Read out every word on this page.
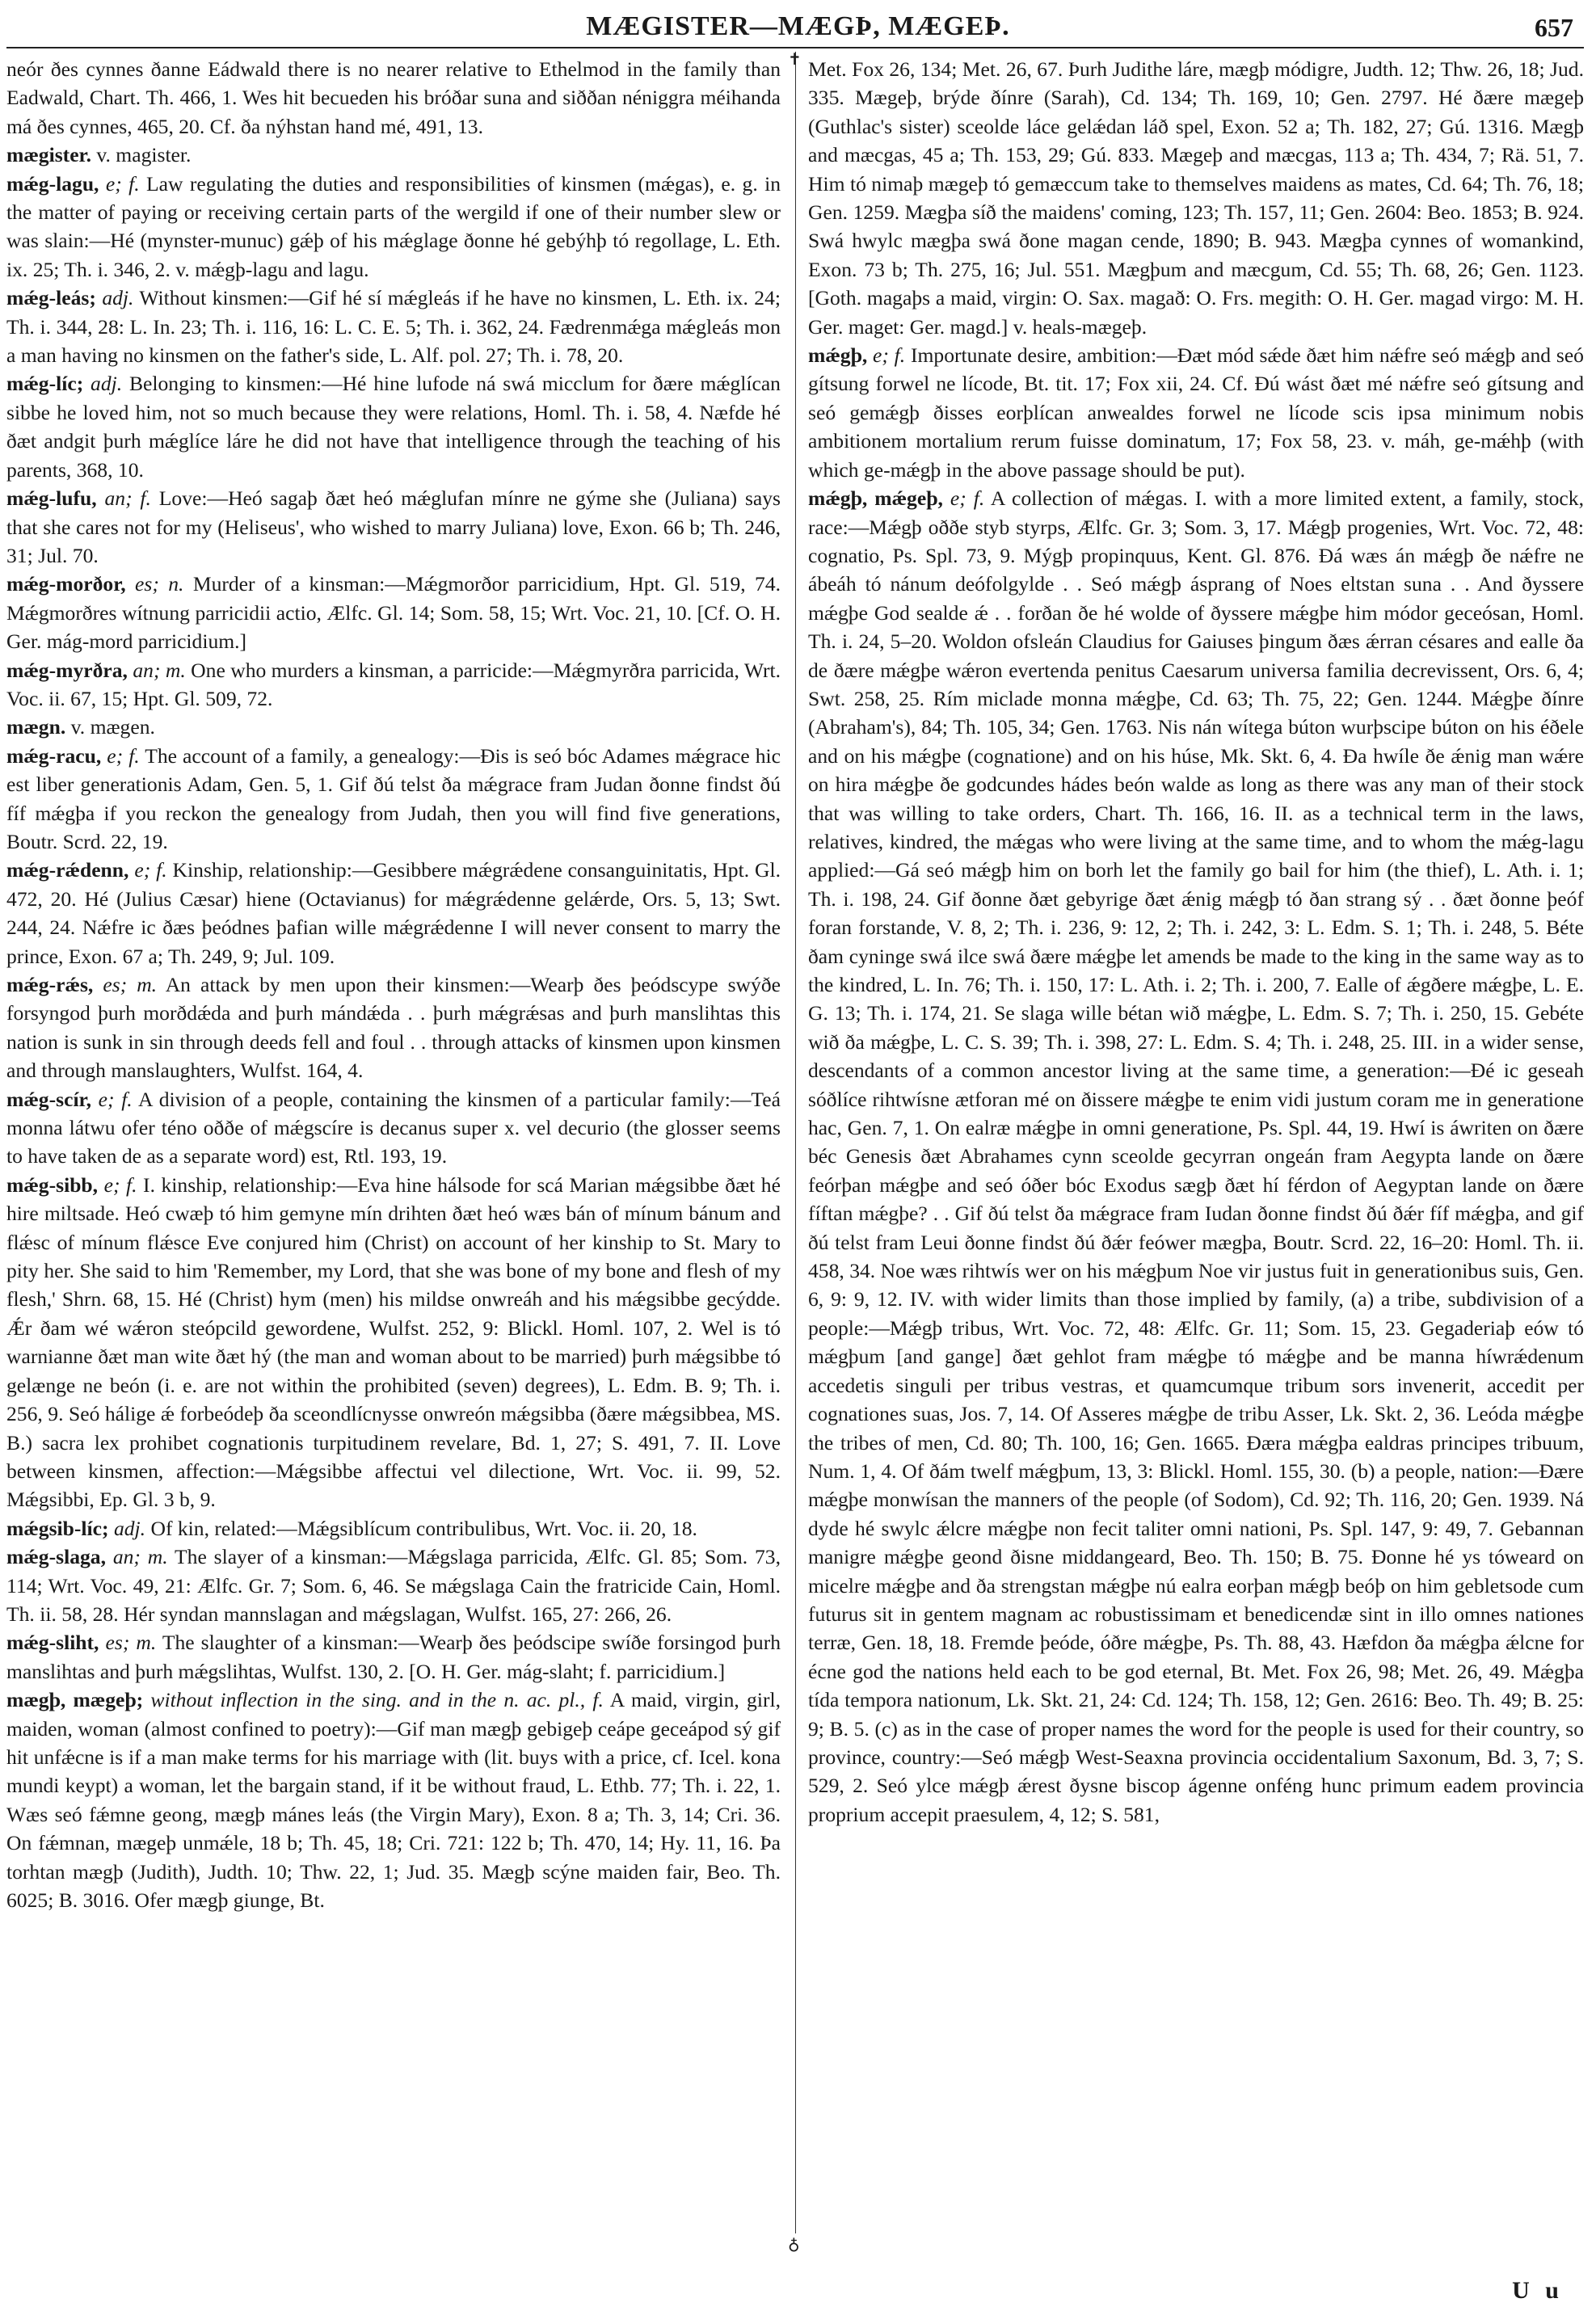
MÆGISTER—MÆGÞ, MÆGEÞ.	657

neór ðes cynnes ðanne Eádwald there is no nearer relative to Ethelmod in the family than Eadwald, Chart. Th. 466, 1. Wes hit becueden his bróðar suna and siððan néniggra méihanda má ðes cynnes, 465, 20. Cf. ða nýhstan hand mé, 491, 13.

mægister. v. magister.

mǽg-lagu, e; f. Law regulating the duties and responsibilities of kinsmen (mǽgas), e. g. in the matter of paying or receiving certain parts of the wergild if one of their number slew or was slain:—Hé (mynster-munuc) gǽþ of his mǽglage ðonne hé gebýhþ tó regollage, L. Eth. ix. 25; Th. i. 346, 2. v. mǽgþ-lagu and lagu.

mǽg-leás; adj. Without kinsmen:—Gif hé sí mǽgleás if he have no kinsmen, L. Eth. ix. 24; Th. i. 344, 28: L. In. 23; Th. i. 116, 16: L. C. E. 5; Th. i. 362, 24. Fædrenmǽga mǽgleás mon a man having no kinsmen on the father's side, L. Alf. pol. 27; Th. i. 78, 20.

mǽg-líc; adj. Belonging to kinsmen:—Hé hine lufode ná swá micclum for ðære mǽglícan sibbe he loved him, not so much because they were relations, Homl. Th. i. 58, 4. Næfde hé ðæt andgit þurh mǽglíce láre he did not have that intelligence through the teaching of his parents, 368, 10.

mǽg-lufu, an; f. Love:—Heó sagaþ ðæt heó mǽglufan mínre ne gýme she (Juliana) says that she cares not for my (Heliseus', who wished to marry Juliana) love, Exon. 66 b; Th. 246, 31; Jul. 70.

mǽg-morðor, es; n. Murder of a kinsman:—Mǽgmorðor parricidium, Hpt. Gl. 519, 74. Mǽgmorðres wítnung parricidii actio, Ælfc. Gl. 14; Som. 58, 15; Wrt. Voc. 21, 10. [Cf. O. H. Ger. mág-mord parricidium.]

mǽg-myrðra, an; m. One who murders a kinsman, a parricide:—Mǽgmyrðra parricida, Wrt. Voc. ii. 67, 15; Hpt. Gl. 509, 72.

mægn. v. mægen.

mǽg-racu, e; f. The account of a family, a genealogy:—Ðis is seó bóc Adames mǽgrace hic est liber generationis Adam, Gen. 5, 1. Gif ðú telst ða mǽgrace fram Judan ðonne findst ðú fíf mǽgþa if you reckon the genealogy from Judah, then you will find five generations, Boutr. Scrd. 22, 19.

mǽg-rǽdenn, e; f. Kinship, relationship:—Gesibbere mǽgrǽdene consanguinitatis, Hpt. Gl. 472, 20. Hé (Julius Cæsar) hiene (Octavianus) for mǽgrǽdenne gelǽrde, Ors. 5, 13; Swt. 244, 24. Nǽfre ic ðæs þeódnes þafian wille mǽgrǽdenne I will never consent to marry the prince, Exon. 67 a; Th. 249, 9; Jul. 109.

mǽg-rǽs, es; m. An attack by men upon their kinsmen:—Wearþ ðes þeódscype swýðe forsyngod þurh morðdǽda and þurh mándǽda . . þurh mǽgrǽsas and þurh manslihtas this nation is sunk in sin through deeds fell and foul . . through attacks of kinsmen upon kinsmen and through manslaughters, Wulfst. 164, 4.

mǽg-scír, e; f. A division of a people, containing the kinsmen of a particular family:—Teá monna látwu ofer téno oððe of mǽgscíre is decanus super x. vel decurio (the glosser seems to have taken de as a separate word) est, Rtl. 193, 19.

mǽg-sibb, e; f. I. kinship, relationship:—Eva hine hálsode for scá Marian mǽgsibbe ðæt hé hire miltsade. Heó cwæþ tó him gemyne mín drihten ðæt heó wæs bán of mínum bánum and flǽsc of mínum flǽsce Eve conjured him (Christ) on account of her kinship to St. Mary to pity her. She said to him 'Remember, my Lord, that she was bone of my bone and flesh of my flesh,' Shrn. 68, 15. Hé (Christ) hym (men) his mildse onwreáh and his mǽgsibbe gecýdde. Ǽr ðam wé wǽron steópcild gewordene, Wulfst. 252, 9: Blickl. Homl. 107, 2. Wel is tó warnianne ðæt man wite ðæt hý (the man and woman about to be married) þurh mǽgsibbe tó gelænge ne beón (i. e. are not within the prohibited (seven) degrees), L. Edm. B. 9; Th. i. 256, 9. Seó hálige ǽ forbeódeþ ða sceondlícnysse onwreón mǽgsibba (ðære mǽgsibbea, MS. B.) sacra lex prohibet cognationis turpitudinem revelare, Bd. 1, 27; S. 491, 7. II. Love between kinsmen, affection:—Mǽgsibbe affectui vel dilectione, Wrt. Voc. ii. 99, 52. Mǽgsibbi, Ep. Gl. 3 b, 9.

mǽgsib-líc; adj. Of kin, related:—Mǽgsiblícum contribulibus, Wrt. Voc. ii. 20, 18.

mǽg-slaga, an; m. The slayer of a kinsman:—Mǽgslaga parricida, Ælfc. Gl. 85; Som. 73, 114; Wrt. Voc. 49, 21: Ælfc. Gr. 7; Som. 6, 46. Se mǽgslaga Cain the fratricide Cain, Homl. Th. ii. 58, 28. Hér syndan mannslagan and mǽgslagan, Wulfst. 165, 27: 266, 26.

mǽg-sliht, es; m. The slaughter of a kinsman:—Wearþ ðes þeódscipe swíðe forsingod þurh manslihtas and þurh mǽgslihtas, Wulfst. 130, 2. [O. H. Ger. mág-slaht; f. parricidium.]

mægþ, mægeþ; without inflection in the sing. and in the n. ac. pl., f. A maid, virgin, girl, maiden, woman (almost confined to poetry):—Gif man mægþ gebigeþ ceápe geceápod sý gif hit unfǽcne is if a man make terms for his marriage with (lit. buys with a price, cf. Icel. kona mundi keypt) a woman, let the bargain stand, if it be without fraud, L. Ethb. 77; Th. i. 22, 1. Wæs seó fǽmne geong, mægþ mánes leás (the Virgin Mary), Exon. 8 a; Th. 3, 14; Cri. 36. On fǽmnan, mægeþ unmǽle, 18 b; Th. 45, 18; Cri. 721: 122 b; Th. 470, 14; Hy. 11, 16. Þa torhtan mægþ (Judith), Judth. 10; Thw. 22, 1; Jud. 35. Mægþ scýne maiden fair, Beo. Th. 6025; B. 3016. Ofer mægþ giunge, Bt.

✝
♁

Met. Fox 26, 134; Met. 26, 67. Þurh Judithe láre, mægþ módigre, Judth. 12; Thw. 26, 18; Jud. 335. Mægeþ, brýde ðínre (Sarah), Cd. 134; Th. 169, 10; Gen. 2797. Hé ðære mægeþ (Guthlac's sister) sceolde láce gelǽdan láð spel, Exon. 52 a; Th. 182, 27; Gú. 1316. Mægþ and mæcgas, 45 a; Th. 153, 29; Gú. 833. Mægeþ and mæcgas, 113 a; Th. 434, 7; Rä. 51, 7. Him tó nimaþ mægeþ tó gemæccum take to themselves maidens as mates, Cd. 64; Th. 76, 18; Gen. 1259. Mægþa síð the maidens' coming, 123; Th. 157, 11; Gen. 2604: Beo. 1853; B. 924. Swá hwylc mægþa swá ðone magan cende, 1890; B. 943. Mægþa cynnes of womankind, Exon. 73 b; Th. 275, 16; Jul. 551. Mægþum and mæcgum, Cd. 55; Th. 68, 26; Gen. 1123. [Goth. magaþs a maid, virgin: O. Sax. magað: O. Frs. megith: O. H. Ger. magad virgo: M. H. Ger. maget: Ger. magd.] v. heals-mægeþ.

mǽgþ, e; f. Importunate desire, ambition:—Ðæt mód sǽde ðæt him nǽfre seó mǽgþ and seó gítsung forwel ne lícode, Bt. tit. 17; Fox xii, 24. Cf. Ðú wást ðæt mé nǽfre seó gítsung and seó gemǽgþ ðisses eorþlícan anwealdes forwel ne lícode scis ipsa minimum nobis ambitionem mortalium rerum fuisse dominatum, 17; Fox 58, 23. v. máh, ge-mǽhþ (with which ge-mǽgþ in the above passage should be put).

mǽgþ, mǽgeþ, e; f. A collection of mǽgas. I. with a more limited extent, a family, stock, race:—Mǽgþ oððe styb styrps, Ælfc. Gr. 3; Som. 3, 17. Mǽgþ progenies, Wrt. Voc. 72, 48: cognatio, Ps. Spl. 73, 9. Mýgþ propinquus, Kent. Gl. 876. Ðá wæs án mǽgþ ðe nǽfre ne ábeáh tó nánum deófolgylde . . Seó mǽgþ ásprang of Noes eltstan suna . . And ðyssere mǽgþe God sealde ǽ . . forðan ðe hé wolde of ðyssere mǽgþe him módor geceósan, Homl. Th. i. 24, 5–20. Woldon ofsleán Claudius for Gaiuses þingum ðæs ǽrran césares and ealle ða de ðære mǽgþe wǽron evertenda penitus Caesarum universa familia decrevissent, Ors. 6, 4; Swt. 258, 25. Rím miclade monna mǽgþe, Cd. 63; Th. 75, 22; Gen. 1244. Mǽgþe ðínre (Abraham's), 84; Th. 105, 34; Gen. 1763. Nis nán wítega búton wurþscipe búton on his éðele and on his mǽgþe (cognatione) and on his húse, Mk. Skt. 6, 4. Ða hwíle ðe ǽnig man wǽre on hira mǽgþe ðe godcundes hádes beón walde as long as there was any man of their stock that was willing to take orders, Chart. Th. 166, 16. II. as a technical term in the laws, relatives, kindred, the mǽgas who were living at the same time, and to whom the mǽg-lagu applied:—Gá seó mǽgþ him on borh let the family go bail for him (the thief), L. Ath. i. 1; Th. i. 198, 24. Gif ðonne ðæt gebyrige ðæt ǽnig mǽgþ tó ðan strang sý . . ðæt ðonne þeóf foran forstande, V. 8, 2; Th. i. 236, 9: 12, 2; Th. i. 242, 3: L. Edm. S. 1; Th. i. 248, 5. Béte ðam cyninge swá ilce swá ðære mǽgþe let amends be made to the king in the same way as to the kindred, L. In. 76; Th. i. 150, 17: L. Ath. i. 2; Th. i. 200, 7. Ealle of ǽgðere mǽgþe, L. E. G. 13; Th. i. 174, 21. Se slaga wille bétan wið mǽgþe, L. Edm. S. 7; Th. i. 250, 15. Gebéte wið ða mǽgþe, L. C. S. 39; Th. i. 398, 27: L. Edm. S. 4; Th. i. 248, 25. III. in a wider sense, descendants of a common ancestor living at the same time, a generation:—Ðé ic geseah sóðlíce rihtwísne ætforan mé on ðissere mǽgþe te enim vidi justum coram me in generatione hac, Gen. 7, 1. On ealræ mǽgþe in omni generatione, Ps. Spl. 44, 19. Hwí is áwriten on ðære béc Genesis ðæt Abrahames cynn sceolde gecyrran ongeán fram Aegypta lande on ðære feórþan mǽgþe and seó óðer bóc Exodus sægþ ðæt hí férdon of Aegyptan lande on ðære fíftan mǽgþe? . . Gif ðú telst ða mǽgrace fram Iudan ðonne findst ðú ðǽr fíf mǽgþa, and gif ðú telst fram Leui ðonne findst ðú ðǽr feówer mægþa, Boutr. Scrd. 22, 16–20: Homl. Th. ii. 458, 34. Noe wæs rihtwís wer on his mǽgþum Noe vir justus fuit in generationibus suis, Gen. 6, 9: 9, 12. IV. with wider limits than those implied by family, (a) a tribe, subdivision of a people:—Mǽgþ tribus, Wrt. Voc. 72, 48: Ælfc. Gr. 11; Som. 15, 23. Gegaderiaþ eów tó mǽgþum [and gange] ðæt gehlot fram mǽgþe tó mǽgþe and be manna híwrǽdenum accedetis singuli per tribus vestras, et quamcumque tribum sors invenerit, accedit per cognationes suas, Jos. 7, 14. Of Asseres mǽgþe de tribu Asser, Lk. Skt. 2, 36. Leóda mǽgþe the tribes of men, Cd. 80; Th. 100, 16; Gen. 1665. Ðæra mǽgþa ealdras principes tribuum, Num. 1, 4. Of ðám twelf mǽgþum, 13, 3: Blickl. Homl. 155, 30. (b) a people, nation:—Ðære mǽgþe monwísan the manners of the people (of Sodom), Cd. 92; Th. 116, 20; Gen. 1939. Ná dyde hé swylc ǽlcre mǽgþe non fecit taliter omni nationi, Ps. Spl. 147, 9: 49, 7. Gebannan manigre mǽgþe geond ðisne middangeard, Beo. Th. 150; B. 75. Ðonne hé ys tóweard on micelre mǽgþe and ða strengstan mǽgþe nú ealra eorþan mǽgþ beóþ on him gebletsode cum futurus sit in gentem magnam ac robustissimam et benedicendæ sint in illo omnes nationes terræ, Gen. 18, 18. Fremde þeóde, óðre mǽgþe, Ps. Th. 88, 43. Hæfdon ða mǽgþa ǽlcne for écne god the nations held each to be god eternal, Bt. Met. Fox 26, 98; Met. 26, 49. Mǽgþa tída tempora nationum, Lk. Skt. 21, 24: Cd. 124; Th. 158, 12; Gen. 2616: Beo. Th. 49; B. 25: 9; B. 5. (c) as in the case of proper names the word for the people is used for their country, so province, country:—Seó mǽgþ West-Seaxna provincia occidentalium Saxonum, Bd. 3, 7; S. 529, 2. Seó ylce mǽgþ ǽrest ðysne biscop ágenne onféng hunc primum eadem provincia proprium accepit praesulem, 4, 12; S. 581,

U u
